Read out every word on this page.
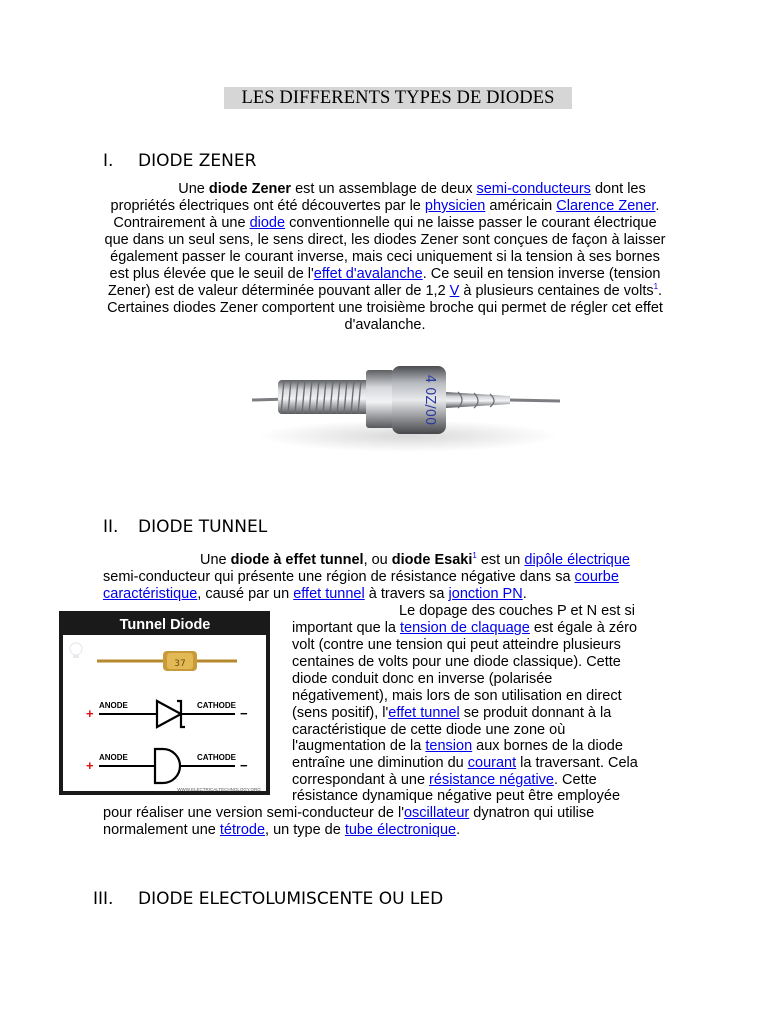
LES DIFFERENTS TYPES DE DIODES
I. DIODE ZENER
Une diode Zener est un assemblage de deux semi-conducteurs dont les propriétés électriques ont été découvertes par le physicien américain Clarence Zener. Contrairement à une diode conventionnelle qui ne laisse passer le courant électrique que dans un seul sens, le sens direct, les diodes Zener sont conçues de façon à laisser également passer le courant inverse, mais ceci uniquement si la tension à ses bornes est plus élevée que le seuil de l'effet d'avalanche. Ce seuil en tension inverse (tension Zener) est de valeur déterminée pouvant aller de 1,2 V à plusieurs centaines de volts$^1$. Certaines diodes Zener comportent une troisième broche qui permet de régler cet effet d'avalanche.
4 0Z/00
II. DIODE TUNNEL
Une diode à effet tunnel, ou diode Esaki$^1$ est un dipôle électrique semi-conducteur qui présente une région de résistance négative dans sa courbe caractéristique, causé par un effet tunnel à travers sa jonction PN.
Le dopage des couches P et N est si
important que la tension de claquage est égale à zéro
volt (contre une tension qui peut atteindre plusieurs
centaines de volts pour une diode classique). Cette
diode conduit donc en inverse (polarisée
négativement), mais lors de son utilisation en direct
(sens positif), l'effet tunnel se produit donnant à la
caractéristique de cette diode une zone où
l'augmentation de la tension aux bornes de la diode
entraîne une diminution du courant la traversant. Cela
correspondant à une résistance négative. Cette
résistance dynamique négative peut être employée
pour réaliser une version semi-conducteur de l'oscillateur dynatron qui utilise
normalement une tétrode, un type de tube électronique.
Tunnel Diode
37
ANODE	CATHODE
+	−
ANODE	CATHODE
+	−
WWW.ELECTRICALTECHNOLOGY.ORG
III. DIODE ELECTOLUMISCENTE OU LED
